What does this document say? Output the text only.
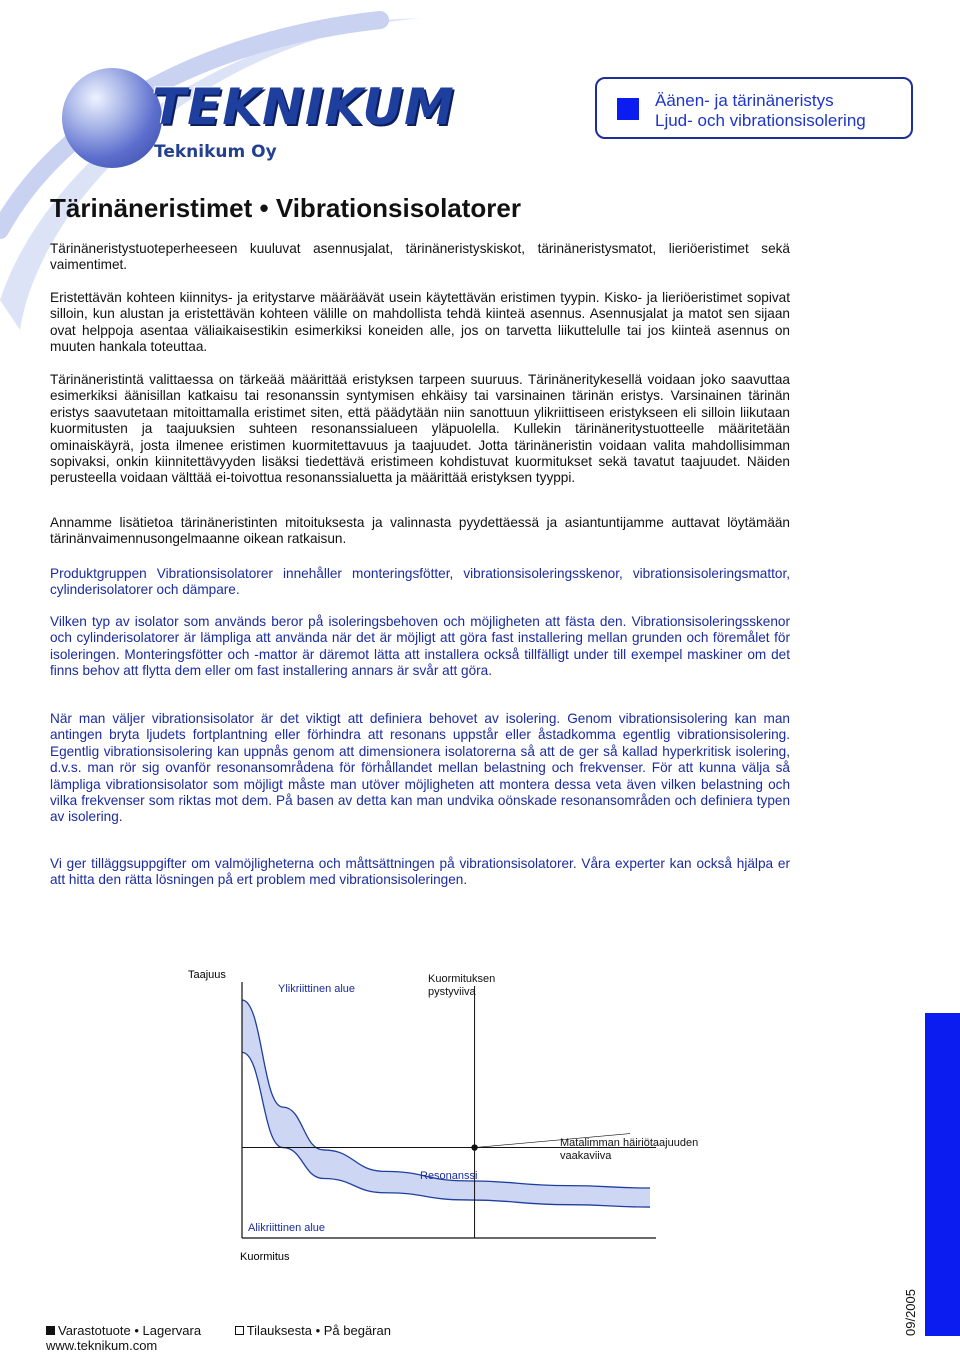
TEKNIKUM
Teknikum Oy
Äänen- ja tärinäneristys
Ljud- och vibrationsisolering
Tärinäneristimet • Vibrationsisolatorer

Tärinäneristystuoteperheeseen kuuluvat asennusjalat, tärinäneristyskiskot, tärinäneristysmatot, lieriöeristimet sekä vaimentimet.

Eristettävän kohteen kiinnitys- ja eritystarve määräävät usein käytettävän eristimen tyypin. Kisko- ja lieriöeristimet sopivat silloin, kun alustan ja eristettävän kohteen välille on mahdollista tehdä kiinteä asennus. Asennusjalat ja matot sen sijaan ovat helppoja asentaa väliaikaisestikin esimerkiksi koneiden alle, jos on tarvetta liikuttelulle tai jos kiinteä asennus on muuten hankala toteuttaa.

Tärinäneristintä valittaessa on tärkeää määrittää eristyksen tarpeen suuruus. Tärinäneritykesellä voidaan joko saavuttaa esimerkiksi äänisillan katkaisu tai resonanssin syntymisen ehkäisy tai varsinainen tärinän eristys. Varsinainen tärinän eristys saavutetaan mitoittamalla eristimet siten, että päädytään niin sanottuun ylikriittiseen eristykseen eli silloin liikutaan kuormitusten ja taajuuksien suhteen resonanssialueen yläpuolella. Kullekin tärinäneritystuotteelle määritetään ominaiskäyrä, josta ilmenee eristimen kuormitettavuus ja taajuudet. Jotta tärinäneristin voidaan valita mahdollisimman sopivaksi, onkin kiinnitettävyyden lisäksi tiedettävä eristimeen kohdistuvat kuormitukset sekä tavatut taajuudet. Näiden perusteella voidaan välttää ei-toivottua resonanssialuetta ja määrittää eristyksen tyyppi.

Annamme lisätietoa tärinäneristinten mitoituksesta ja valinnasta pyydettäessä ja asiantuntijamme auttavat löytämään tärinänvaimennusongelmaanne oikean ratkaisun.

Produktgruppen Vibrationsisolatorer innehåller monteringsfötter, vibrationsisoleringsskenor, vibrationsisoleringsmattor, cylinderisolatorer och dämpare.

Vilken typ av isolator som används beror på isoleringsbehoven och möjligheten att fästa den. Vibrationsisoleringsskenor och cylinderisolatorer är lämpliga att använda när det är möjligt att göra fast installering mellan grunden och föremålet för isoleringen. Monteringsfötter och -mattor är däremot lätta att installera också tillfälligt under till exempel maskiner om det finns behov att flytta dem eller om fast installering annars är svår att göra.

När man väljer vibrationsisolator är det viktigt att definiera behovet av isolering. Genom vibrationsisolering kan man antingen bryta ljudets fortplantning eller förhindra att resonans uppstår eller åstadkomma egentlig vibrationsisolering. Egentlig vibrationsisolering kan uppnås genom att dimensionera isolatorerna så att de ger så kallad hyperkritisk isolering, d.v.s. man rör sig ovanför resonansområdena för förhållandet mellan belastning och frekvenser. För att kunna välja så lämpliga vibrationsisolator som möjligt måste man utöver möjligheten att montera dessa veta även vilken belastning och vilka frekvenser som riktas mot dem. På basen av detta kan man undvika oönskade resonansområden och definiera typen av isolering.

Vi ger tilläggsuppgifter om valmöjligheterna och måttsättningen på vibrationsisolatorer. Våra experter kan också hjälpa er att hitta den rätta lösningen på ert problem med vibrationsisoleringen.

Taajuus
Ylikriittinen alue
Kuormituksen pystyviiva
Matalimman häiriötaajuuden vaakaviiva
Resonanssi
Alikriittinen alue
Kuormitus
09/2005
Varastotuote • Lagervara	Tilauksesta • På begäran
www.teknikum.com
